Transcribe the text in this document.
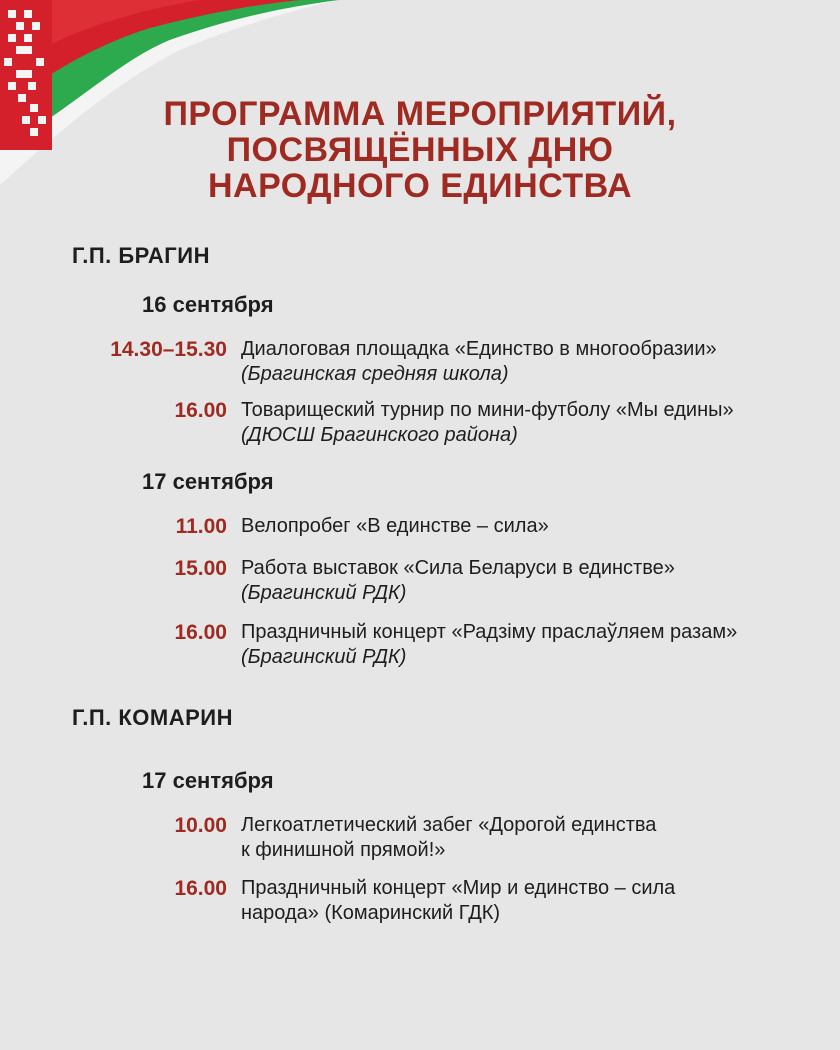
ПРОГРАММА МЕРОПРИЯТИЙ,
ПОСВЯЩЁННЫХ ДНЮ
НАРОДНОГО ЕДИНСТВА
Г.П. БРАГИН
16 сентября
14.30–15.30 Диалоговая площадка «Единство в многообразии» (Брагинская средняя школа)
16.00 Товарищеский турнир по мини-футболу «Мы едины» (ДЮСШ Брагинского района)
17 сентября
11.00 Велопробег «В единстве – сила»
15.00 Работа выставок «Сила Беларуси в единстве» (Брагинский РДК)
16.00 Праздничный концерт «Радзіму праслаўляем разам» (Брагинский РДК)
Г.П. КОМАРИН
17 сентября
10.00 Легкоатлетический забег «Дорогой единства к финишной прямой!»
16.00 Праздничный концерт «Мир и единство – сила народа» (Комаринский ГДК)
